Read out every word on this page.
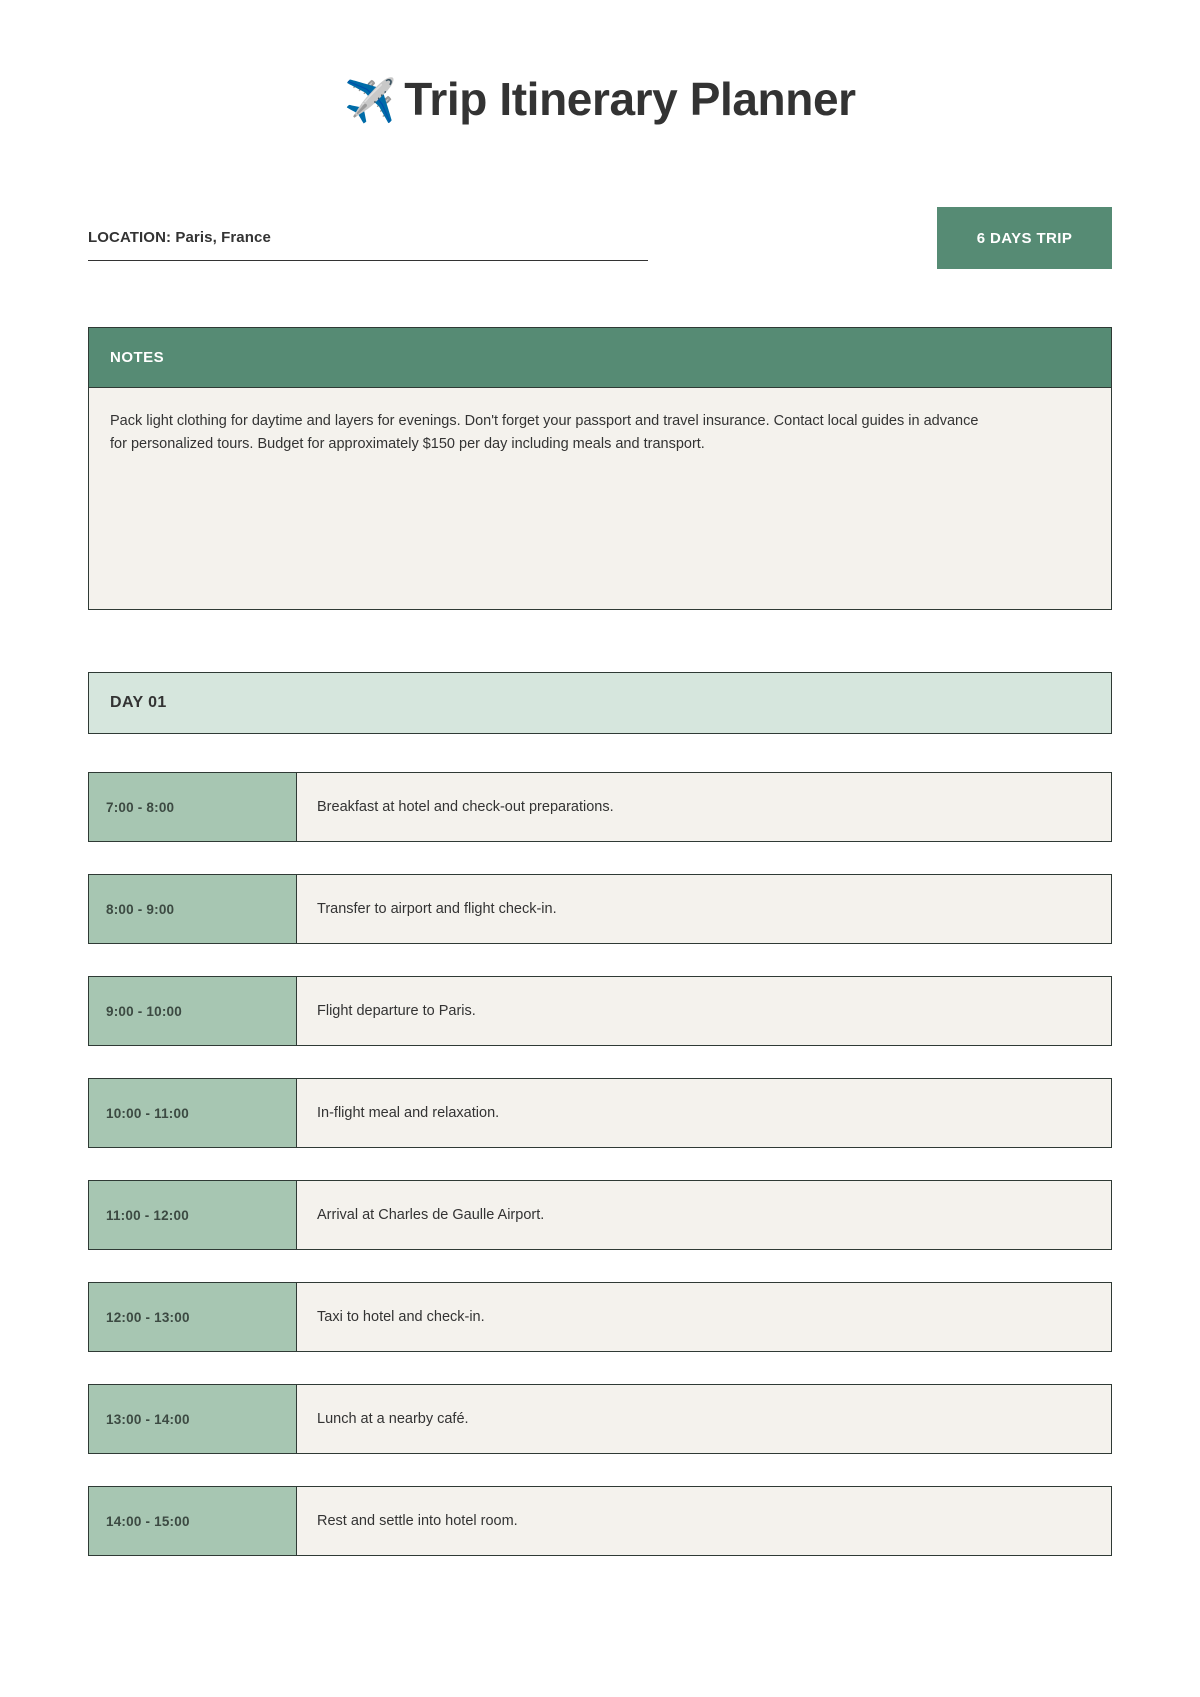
✈️ Trip Itinerary Planner
LOCATION: Paris, France	6 DAYS TRIP
NOTES

Pack light clothing for daytime and layers for evenings. Don't forget your passport and travel insurance. Contact local guides in advance for personalized tours. Budget for approximately $150 per day including meals and transport.

DAY 01
7:00 - 8:00	Breakfast at hotel and check-out preparations.
8:00 - 9:00	Transfer to airport and flight check-in.
9:00 - 10:00	Flight departure to Paris.
10:00 - 11:00	In-flight meal and relaxation.
11:00 - 12:00	Arrival at Charles de Gaulle Airport.
12:00 - 13:00	Taxi to hotel and check-in.
13:00 - 14:00	Lunch at a nearby café.
14:00 - 15:00	Rest and settle into hotel room.
